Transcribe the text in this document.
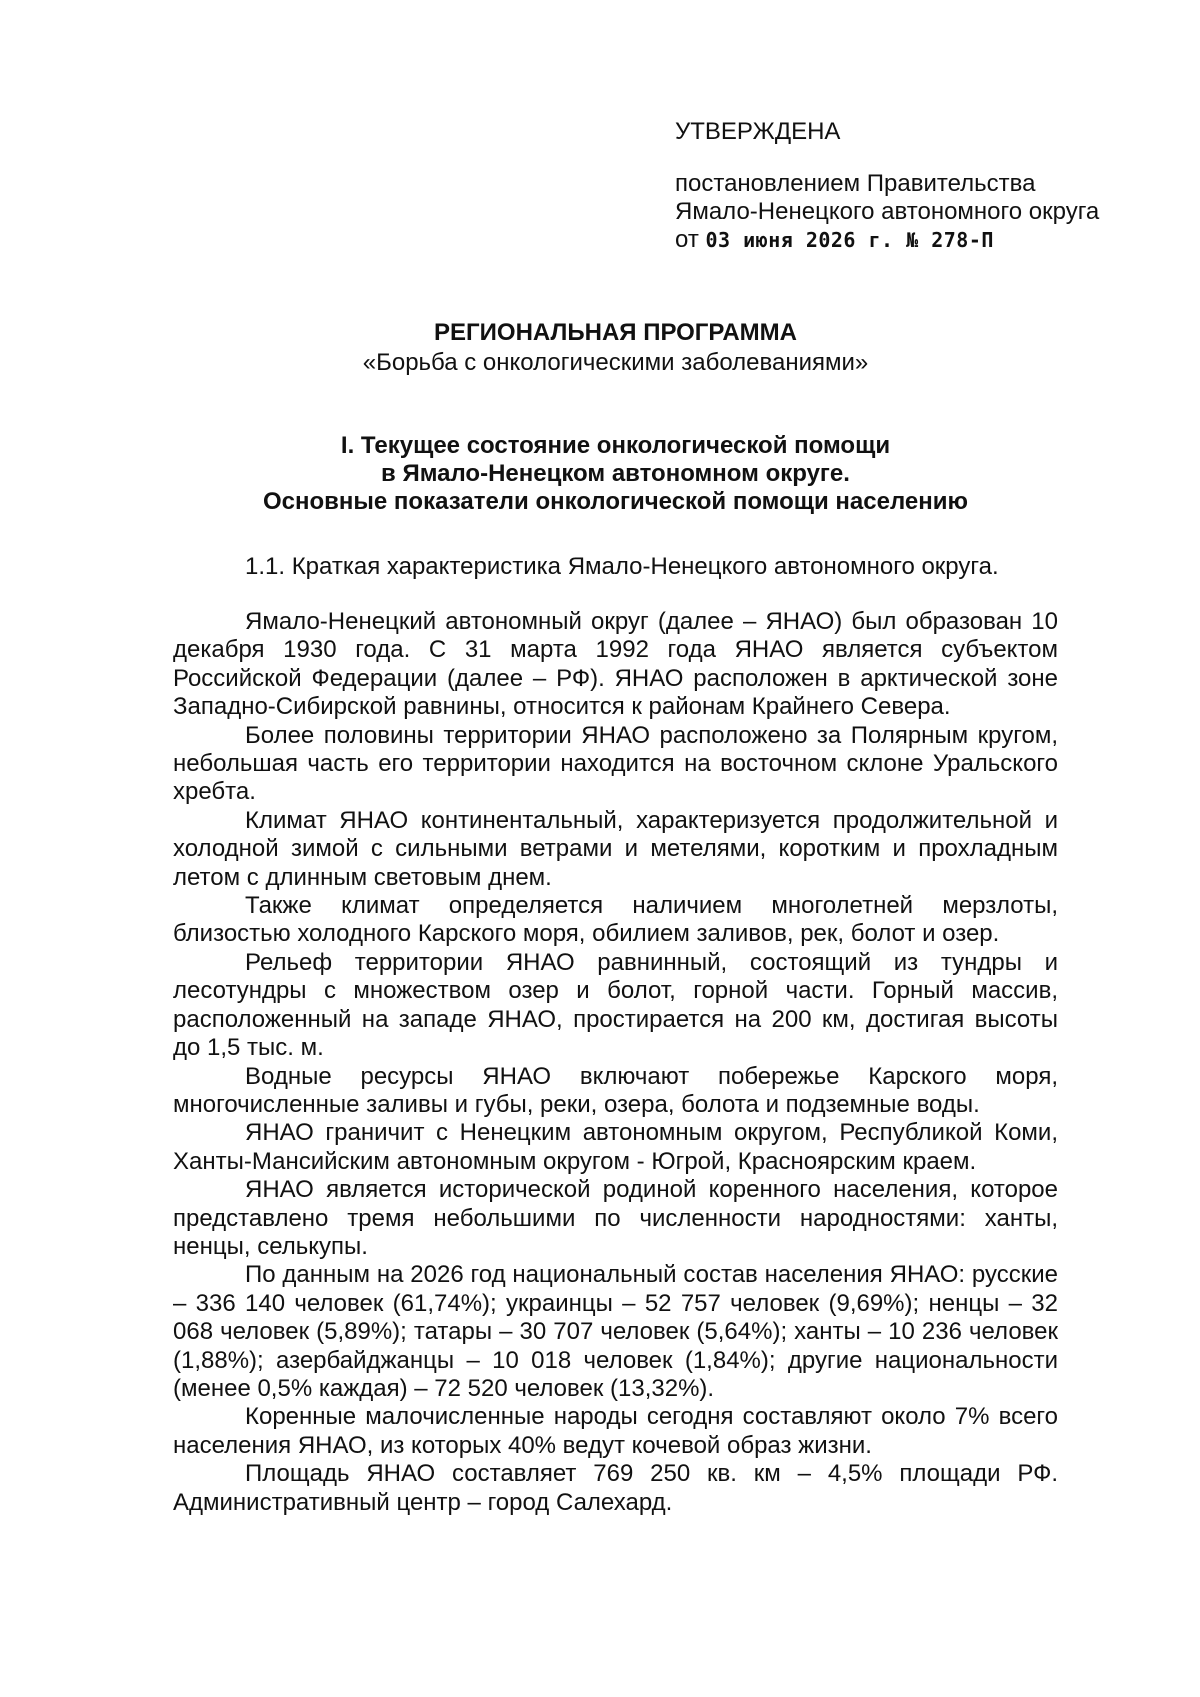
УТВЕРЖДЕНА
постановлением Правительства
Ямало-Ненецкого автономного округа
от 03 июня 2026 г. № 278-П
РЕГИОНАЛЬНАЯ ПРОГРАММА
«Борьба с онкологическими заболеваниями»
I. Текущее состояние онкологической помощи
в Ямало-Ненецком автономном округе.
Основные показатели онкологической помощи населению
1.1. Краткая характеристика Ямало-Ненецкого автономного округа.

Ямало-Ненецкий автономный округ (далее – ЯНАО) был образован 10 декабря 1930 года. С 31 марта 1992 года ЯНАО является субъектом Российской Федерации (далее – РФ). ЯНАО расположен в арктической зоне Западно-Сибирской равнины, относится к районам Крайнего Севера.

Более половины территории ЯНАО расположено за Полярным кругом, небольшая часть его территории находится на восточном склоне Уральского хребта.

Климат ЯНАО континентальный, характеризуется продолжительной и холодной зимой с сильными ветрами и метелями, коротким и прохладным летом с длинным световым днем.

Также климат определяется наличием многолетней мерзлоты, близостью холодного Карского моря, обилием заливов, рек, болот и озер.

Рельеф территории ЯНАО равнинный, состоящий из тундры и лесотундры с множеством озер и болот, горной части. Горный массив, расположенный на западе ЯНАО, простирается на 200 км, достигая высоты до 1,5 тыс. м.

Водные ресурсы ЯНАО включают побережье Карского моря, многочисленные заливы и губы, реки, озера, болота и подземные воды.

ЯНАО граничит с Ненецким автономным округом, Республикой Коми, Ханты-Мансийским автономным округом - Югрой, Красноярским краем.

ЯНАО является исторической родиной коренного населения, которое представлено тремя небольшими по численности народностями: ханты, ненцы, селькупы.

По данным на 2026 год национальный состав населения ЯНАО: русские – 336 140 человек (61,74%); украинцы – 52 757 человек (9,69%); ненцы – 32 068 человек (5,89%); татары – 30 707 человек (5,64%); ханты – 10 236 человек (1,88%); азербайджанцы – 10 018 человек (1,84%); другие национальности (менее 0,5% каждая) – 72 520 человек (13,32%).

Коренные малочисленные народы сегодня составляют около 7% всего населения ЯНАО, из которых 40% ведут кочевой образ жизни.

Площадь ЯНАО составляет 769 250 кв. км – 4,5% площади РФ. Административный центр – город Салехард.
